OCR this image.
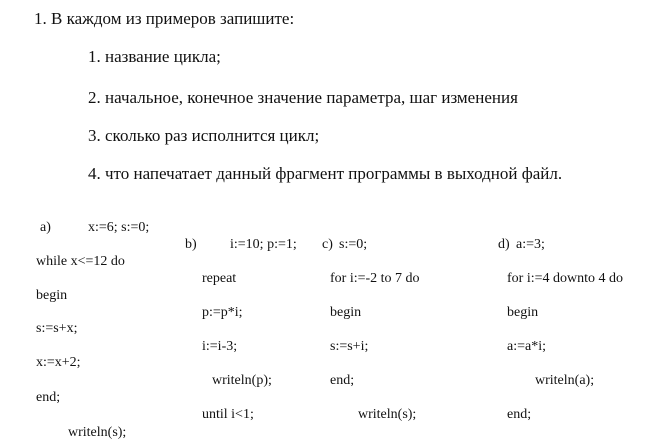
1. В каждом из примеров запишите:
1. название цикла;
2. начальное, конечное значение параметра, шаг изменения
3. сколько раз исполнится цикл;
4. что напечатает данный фрагмент программы в выходной файл.
a)	x:=6; s:=0;
while x<=12 do
begin
s:=s+x;
x:=x+2;
end;
writeln(s);
b) i:=10; p:=1;
repeat
p:=p*i;
i:=i-3;
writeln(p);
until i<1;
c) s:=0;
for i:=-2 to 7 do
begin
s:=s+i;
end;
writeln(s);
d) a:=3;
for i:=4 downto 4 do
begin
a:=a*i;
writeln(a);
end;
